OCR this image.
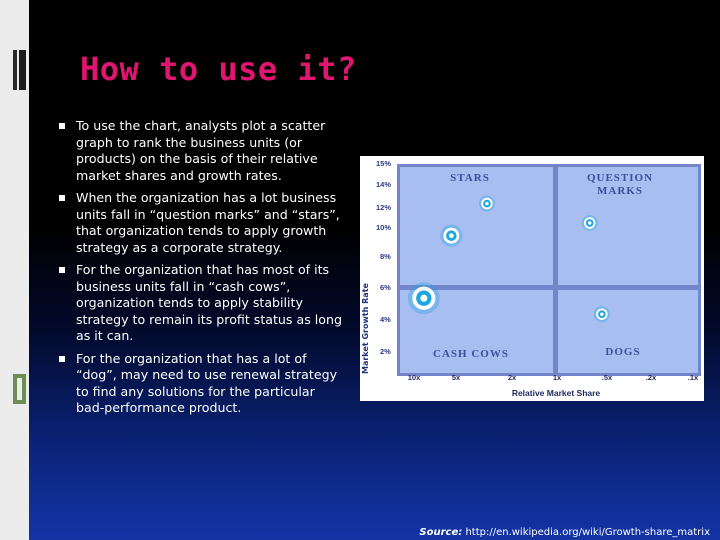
How to use it?
To use the chart, analysts plot a scatter graph to rank the business units (or products) on the basis of their relative market shares and growth rates.
When the organization has a lot business units fall in “question marks” and “stars”, that organization tends to apply growth strategy as a corporate strategy.
For the organization that has most of its business units fall in “cash cows”, organization tends to apply stability strategy to remain its profit status as long as it can.
For the organization that has a lot of “dog”, may need to use renewal strategy to find any solutions for the particular bad-performance product.
STARS	QUESTION
MARKS
CASH COWS	DOGS
15%
14%
12%
10%
8%
6%
4%
2%
10x	5x	2x	1x	.5x	.2x	.1x
Relative Market Share
Market Growth Rate
Source: http://en.wikipedia.org/wiki/Growth-share_matrix
